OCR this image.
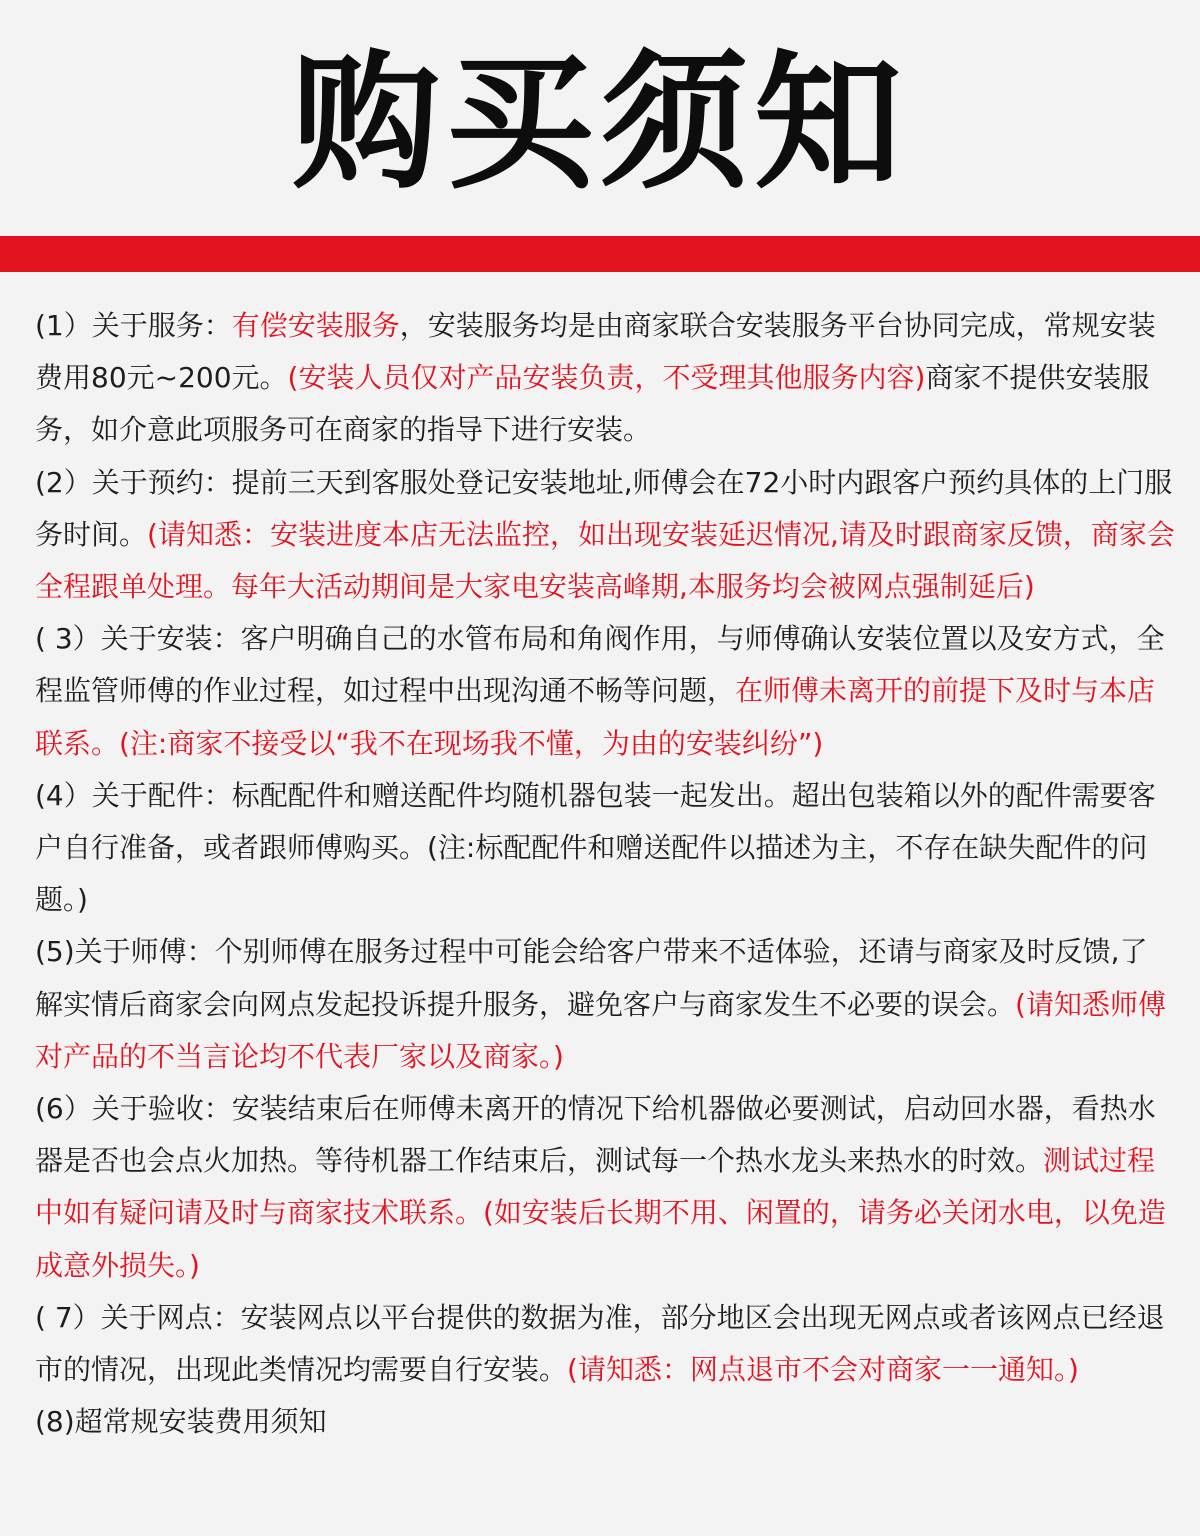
购买须知

(1）关于服务：有偿安装服务，安装服务均是由商家联合安装服务平台协同完成，常规安装费用80元~200元。(安装人员仅对产品安装负责，不受理其他服务内容)商家不提供安装服务，如介意此项服务可在商家的指导下进行安装。

(2）关于预约：提前三天到客服处登记安装地址,师傅会在72小时内跟客户预约具体的上门服务时间。(请知悉：安装进度本店无法监控，如出现安装延迟情况,请及时跟商家反馈，商家会全程跟单处理。每年大活动期间是大家电安装高峰期,本服务均会被网点强制延后)

( 3）关于安装：客户明确自己的水管布局和角阀作用，与师傅确认安装位置以及安方式，全程监管师傅的作业过程，如过程中出现沟通不畅等问题，在师傅未离开的前提下及时与本店联系。(注:商家不接受以“我不在现场我不懂，为由的安装纠纷”)

(4）关于配件：标配配件和赠送配件均随机器包装一起发出。超出包装箱以外的配件需要客户自行准备，或者跟师傅购买。(注:标配配件和赠送配件以描述为主，不存在缺失配件的问题。)

(5)关于师傅：个别师傅在服务过程中可能会给客户带来不适体验，还请与商家及时反馈,了解实情后商家会向网点发起投诉提升服务，避免客户与商家发生不必要的误会。(请知悉师傅对产品的不当言论均不代表厂家以及商家。)

(6）关于验收：安装结束后在师傅未离开的情况下给机器做必要测试，启动回水器，看热水器是否也会点火加热。等待机器工作结束后，测试每一个热水龙头来热水的时效。测试过程中如有疑问请及时与商家技术联系。(如安装后长期不用、闲置的，请务必关闭水电，以免造成意外损失。)

( 7）关于网点：安装网点以平台提供的数据为准，部分地区会出现无网点或者该网点已经退市的情况，出现此类情况均需要自行安装。(请知悉：网点退市不会对商家一一通知。)

(8)超常规安装费用须知
